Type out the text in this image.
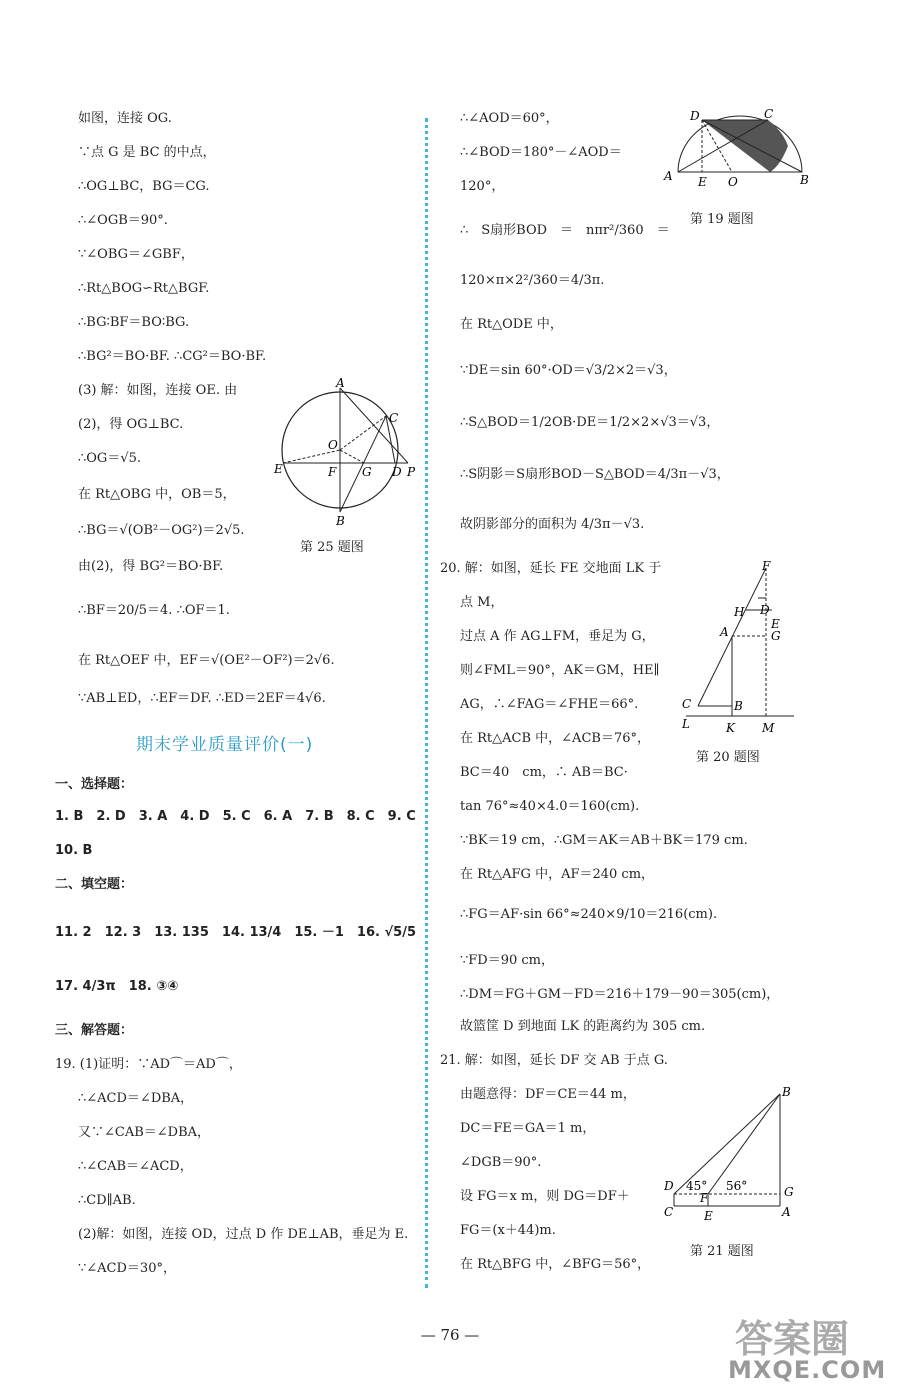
如图，连接 OG.
∵点 G 是 BC 的中点，
∴OG⊥BC，BG＝CG.
∴∠OGB＝90°.
∵∠OBG＝∠GBF，
∴Rt△BOG∽Rt△BGF.
∴BG∶BF＝BO∶BG.
∴BG²＝BO·BF. ∴CG²＝BO·BF.
(3) 解：如图，连接 OE. 由
(2)，得 OG⊥BC.
∴OG＝√5.
在 Rt△OBG 中，OB＝5，
∴BG＝√(OB²－OG²)＝2√5.
由(2)，得 BG²＝BO·BF.
∴BF＝20/5＝4. ∴OF＝1.
在 Rt△OEF 中，EF＝√(OE²－OF²)＝2√6.
∵AB⊥ED，∴EF＝DF. ∴ED＝2EF＝4√6.
A
C
O
E	F G D P
B
第 25 题图
期末学业质量评价(一)
一、选择题：
1. B　2. D　3. A　4. D　5. C　6. A　7. B　8. C　9. C
10. B
二、填空题：
11. 2　12. 3　13. 135　14. 13/4　15. －1　16. √5/5
17. 4/3π　18. ③④
三、解答题：
19. (1)证明：∵AD⌒＝AD⌒，
∴∠ACD＝∠DBA，
又∵∠CAB＝∠DBA，
∴∠CAB＝∠ACD，
∴CD∥AB.
(2)解：如图，连接 OD，过点 D 作 DE⊥AB，垂足为 E.
∵∠ACD＝30°，
∴∠AOD＝60°，
∴∠BOD＝180°－∠AOD＝
120°，
∴　S扇形BOD　＝　nπr²/360　＝
120×π×2²/360＝4/3π.
在 Rt△ODE 中，
∵DE＝sin 60°·OD＝√3/2×2＝√3，
∴S△BOD＝1/2OB·DE＝1/2×2×√3＝√3，
∴S阴影＝S扇形BOD－S△BOD＝4/3π－√3，
故阴影部分的面积为 4/3π－√3.
20. 解：如图，延长 FE 交地面 LK 于
点 M，
过点 A 作 AG⊥FM，垂足为 G，
则∠FML＝90°，AK＝GM，HE∥
AG，∴∠FAG＝∠FHE＝66°.
在 Rt△ACB 中，∠ACB＝76°，
BC＝40　cm，∴ AB＝BC·
tan 76°≈40×4.0＝160(cm).
∵BK＝19 cm，∴GM＝AK＝AB＋BK＝179 cm.
在 Rt△AFG 中，AF＝240 cm，
∴FG＝AF·sin 66°≈240×9/10＝216(cm).
∵FD＝90 cm，
∴DM＝FG＋GM－FD＝216＋179－90＝305(cm)，
故篮筐 D 到地面 LK 的距离约为 305 cm.
21. 解：如图，延长 DF 交 AB 于点 G.
由题意得：DF＝CE＝44 m，
DC＝FE＝GA＝1 m，
∠DGB＝90°.
设 FG＝x m，则 DG＝DF＋
FG＝(x＋44)m.
在 Rt△BFG 中，∠BFG＝56°，
D	C
A E O	B
第 19 题图
F
H D
A
E
G
C	B
L	K M
第 20 题图
B
45° 56°
D
F	G
C	E	A
第 21 题图
— 76 —	答案圈
MXQE.COM
